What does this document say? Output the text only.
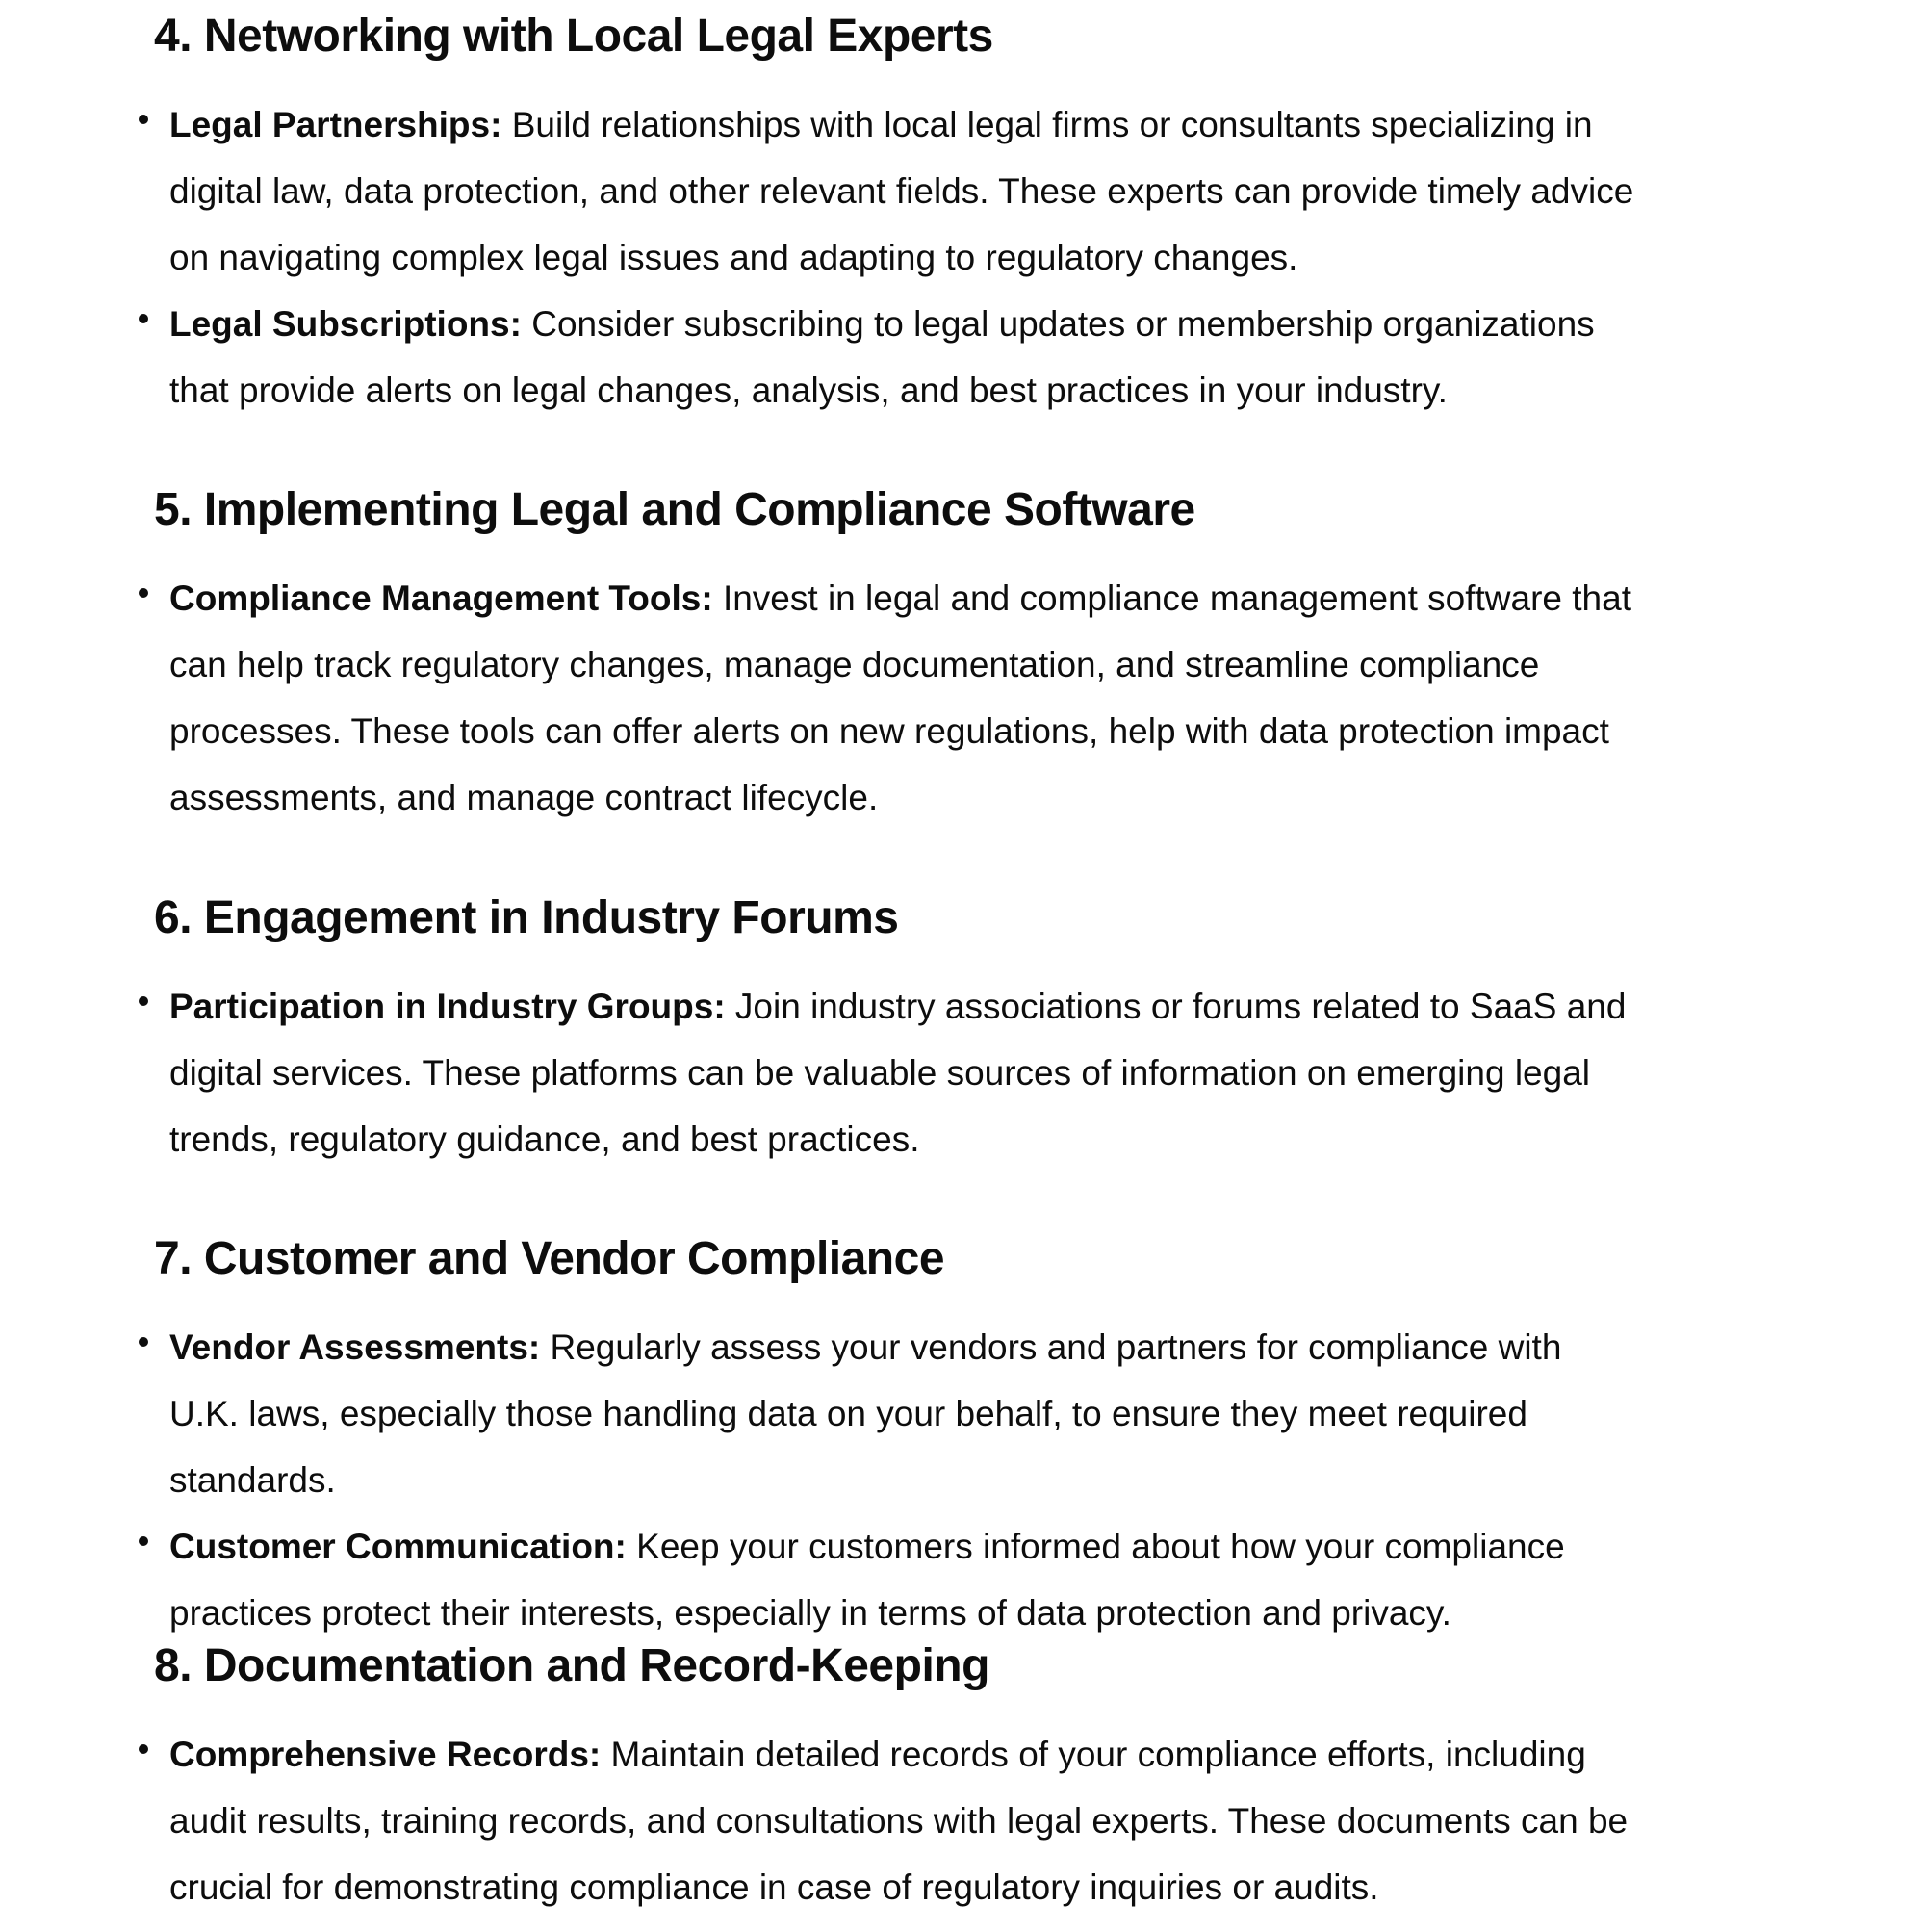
4. Networking with Local Legal Experts
Legal Partnerships: Build relationships with local legal firms or consultants specializing in digital law, data protection, and other relevant fields. These experts can provide timely advice on navigating complex legal issues and adapting to regulatory changes.
Legal Subscriptions: Consider subscribing to legal updates or membership organizations that provide alerts on legal changes, analysis, and best practices in your industry.
5. Implementing Legal and Compliance Software
Compliance Management Tools: Invest in legal and compliance management software that can help track regulatory changes, manage documentation, and streamline compliance processes. These tools can offer alerts on new regulations, help with data protection impact assessments, and manage contract lifecycle.
6. Engagement in Industry Forums
Participation in Industry Groups: Join industry associations or forums related to SaaS and digital services. These platforms can be valuable sources of information on emerging legal trends, regulatory guidance, and best practices.
7. Customer and Vendor Compliance
Vendor Assessments: Regularly assess your vendors and partners for compliance with U.K. laws, especially those handling data on your behalf, to ensure they meet required standards.
Customer Communication: Keep your customers informed about how your compliance practices protect their interests, especially in terms of data protection and privacy.
8. Documentation and Record-Keeping
Comprehensive Records: Maintain detailed records of your compliance efforts, including audit results, training records, and consultations with legal experts. These documents can be crucial for demonstrating compliance in case of regulatory inquiries or audits.
